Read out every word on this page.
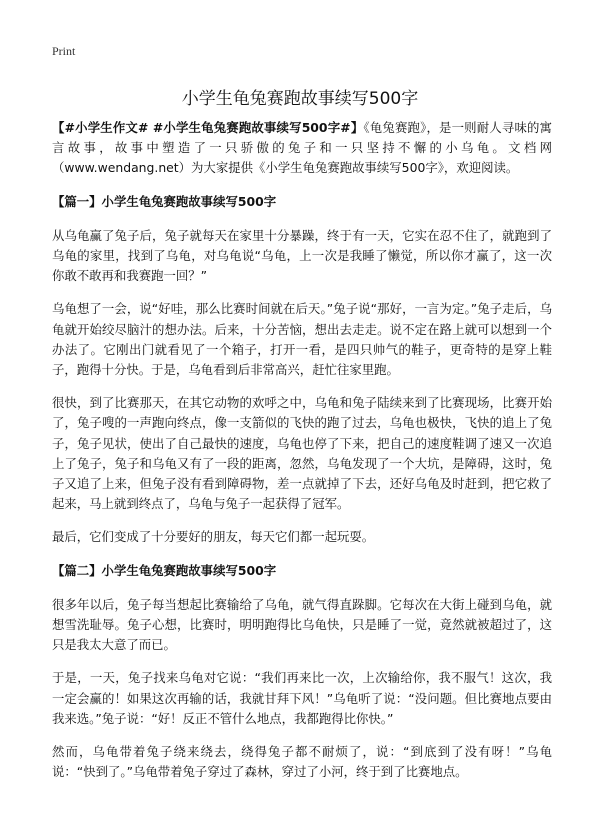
Print
小学生龟兔赛跑故事续写500字

【#小学生作文# #小学生龟兔赛跑故事续写500字#】《龟兔赛跑》，是一则耐人寻味的寓言故事，故事中塑造了一只骄傲的兔子和一只坚持不懈的小乌龟。文档网（www.wendang.net）为大家提供《小学生龟兔赛跑故事续写500字》，欢迎阅读。

【篇一】小学生龟兔赛跑故事续写500字

从乌龟赢了兔子后，兔子就每天在家里十分暴躁，终于有一天，它实在忍不住了，就跑到了乌龟的家里，找到了乌龟，对乌龟说“乌龟，上一次是我睡了懒觉，所以你才赢了，这一次你敢不敢再和我赛跑一回？”

乌龟想了一会，说“好哇，那么比赛时间就在后天。”兔子说“那好，一言为定。”兔子走后，乌龟就开始绞尽脑汁的想办法。后来，十分苦恼，想出去走走。说不定在路上就可以想到一个办法了。它刚出门就看见了一个箱子，打开一看，是四只帅气的鞋子，更奇特的是穿上鞋子，跑得十分快。于是，乌龟看到后非常高兴，赶忙往家里跑。

很快，到了比赛那天，在其它动物的欢呼之中，乌龟和兔子陆续来到了比赛现场，比赛开始了，兔子嗖的一声跑向终点，像一支箭似的飞快的跑了过去，乌龟也极快，飞快的追上了兔子，兔子见状，使出了自己最快的速度，乌龟也停了下来，把自己的速度鞋调了速又一次追上了兔子，兔子和乌龟又有了一段的距离，忽然，乌龟发现了一个大坑，是障碍，这时，兔子又追了上来，但兔子没有看到障碍物，差一点就掉了下去，还好乌龟及时赶到，把它救了起来，马上就到终点了，乌龟与兔子一起获得了冠军。

最后，它们变成了十分要好的朋友，每天它们都一起玩耍。

【篇二】小学生龟兔赛跑故事续写500字

很多年以后，兔子每当想起比赛输给了乌龟，就气得直跺脚。它每次在大街上碰到乌龟，就想雪洗耻辱。兔子心想，比赛时，明明跑得比乌龟快，只是睡了一觉，竟然就被超过了，这只是我太大意了而已。

于是，一天，兔子找来乌龟对它说：“我们再来比一次，上次输给你，我不服气！这次，我一定会赢的！如果这次再输的话，我就甘拜下风！”乌龟听了说：“没问题。但比赛地点要由我来选。”兔子说：“好！反正不管什么地点，我都跑得比你快。”

然而，乌龟带着兔子绕来绕去，绕得兔子都不耐烦了，说：“到底到了没有呀！”乌龟说：“快到了。”乌龟带着兔子穿过了森林，穿过了小河，终于到了比赛地点。
